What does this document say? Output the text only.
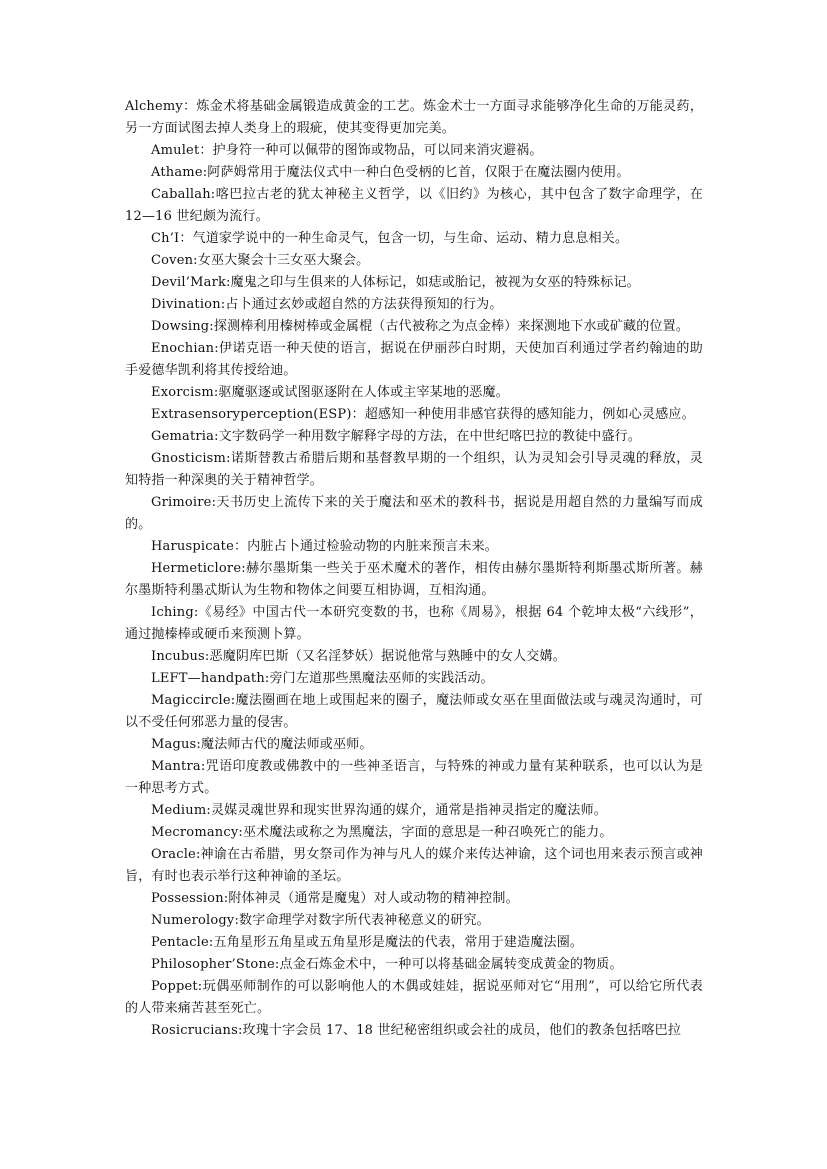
Alchemy：炼金术将基础金属锻造成黄金的工艺。炼金术士一方面寻求能够净化生命的万能灵药，另一方面试图去掉人类身上的瑕疵，使其变得更加完美。

Amulet：护身符一种可以佩带的图饰或物品，可以同来消灾避祸。

Athame:阿萨姆常用于魔法仪式中一种白色受柄的匕首，仅限于在魔法圈内使用。

Caballah:喀巴拉古老的犹太神秘主义哲学，以《旧约》为核心，其中包含了数字命理学，在 12—16 世纪颇为流行。

Ch’I：气道家学说中的一种生命灵气，包含一切，与生命、运动、精力息息相关。

Coven:女巫大聚会十三女巫大聚会。

Devil’Mark:魔鬼之印与生俱来的人体标记，如痣或胎记，被视为女巫的特殊标记。

Divination:占卜通过玄妙或超自然的方法获得预知的行为。

Dowsing:探测棒利用榛树棒或金属棍（古代被称之为点金棒）来探测地下水或矿藏的位置。

Enochian:伊诺克语一种天使的语言，据说在伊丽莎白时期，天使加百利通过学者约翰迪的助手爱德华凯利将其传授给迪。

Exorcism:驱魔驱逐或试图驱逐附在人体或主宰某地的恶魔。

Extrasensoryperception(ESP)：超感知一种使用非感官获得的感知能力，例如心灵感应。

Gematria:文字数码学一种用数字解释字母的方法，在中世纪喀巴拉的教徒中盛行。

Gnosticism:诺斯替教古希腊后期和基督教早期的一个组织，认为灵知会引导灵魂的释放，灵知特指一种深奥的关于精神哲学。

Grimoire:天书历史上流传下来的关于魔法和巫术的教科书，据说是用超自然的力量编写而成的。

Haruspicate：内脏占卜通过检验动物的内脏来预言未来。

Hermeticlore:赫尔墨斯集一些关于巫术魔术的著作，相传由赫尔墨斯特利斯墨忒斯所著。赫尔墨斯特利墨忒斯认为生物和物体之间要互相协调，互相沟通。

Iching:《易经》中国古代一本研究变数的书，也称《周易》，根据 64 个乾坤太极“六线形”，通过抛榛棒或硬币来预测卜算。

Incubus:恶魔阴库巴斯（又名淫梦妖）据说他常与熟睡中的女人交媾。

LEFT—handpath:旁门左道那些黑魔法巫师的实践活动。

Magiccircle:魔法圈画在地上或围起来的圈子，魔法师或女巫在里面做法或与魂灵沟通时，可以不受任何邪恶力量的侵害。

Magus:魔法师古代的魔法师或巫师。

Mantra:咒语印度教或佛教中的一些神圣语言，与特殊的神或力量有某种联系，也可以认为是一种思考方式。

Medium:灵媒灵魂世界和现实世界沟通的媒介，通常是指神灵指定的魔法师。

Mecromancy:巫术魔法或称之为黑魔法，字面的意思是一种召唤死亡的能力。

Oracle:神谕在古希腊，男女祭司作为神与凡人的媒介来传达神谕，这个词也用来表示预言或神旨，有时也表示举行这种神谕的圣坛。

Possession:附体神灵（通常是魔鬼）对人或动物的精神控制。

Numerology:数字命理学对数字所代表神秘意义的研究。

Pentacle:五角星形五角星或五角星形是魔法的代表，常用于建造魔法圈。

Philosopher’Stone:点金石炼金术中，一种可以将基础金属转变成黄金的物质。

Poppet:玩偶巫师制作的可以影响他人的木偶或娃娃，据说巫师对它“用刑”，可以给它所代表的人带来痛苦甚至死亡。

Rosicrucians:玫瑰十字会员 17、18 世纪秘密组织或会社的成员，他们的教条包括喀巴拉
